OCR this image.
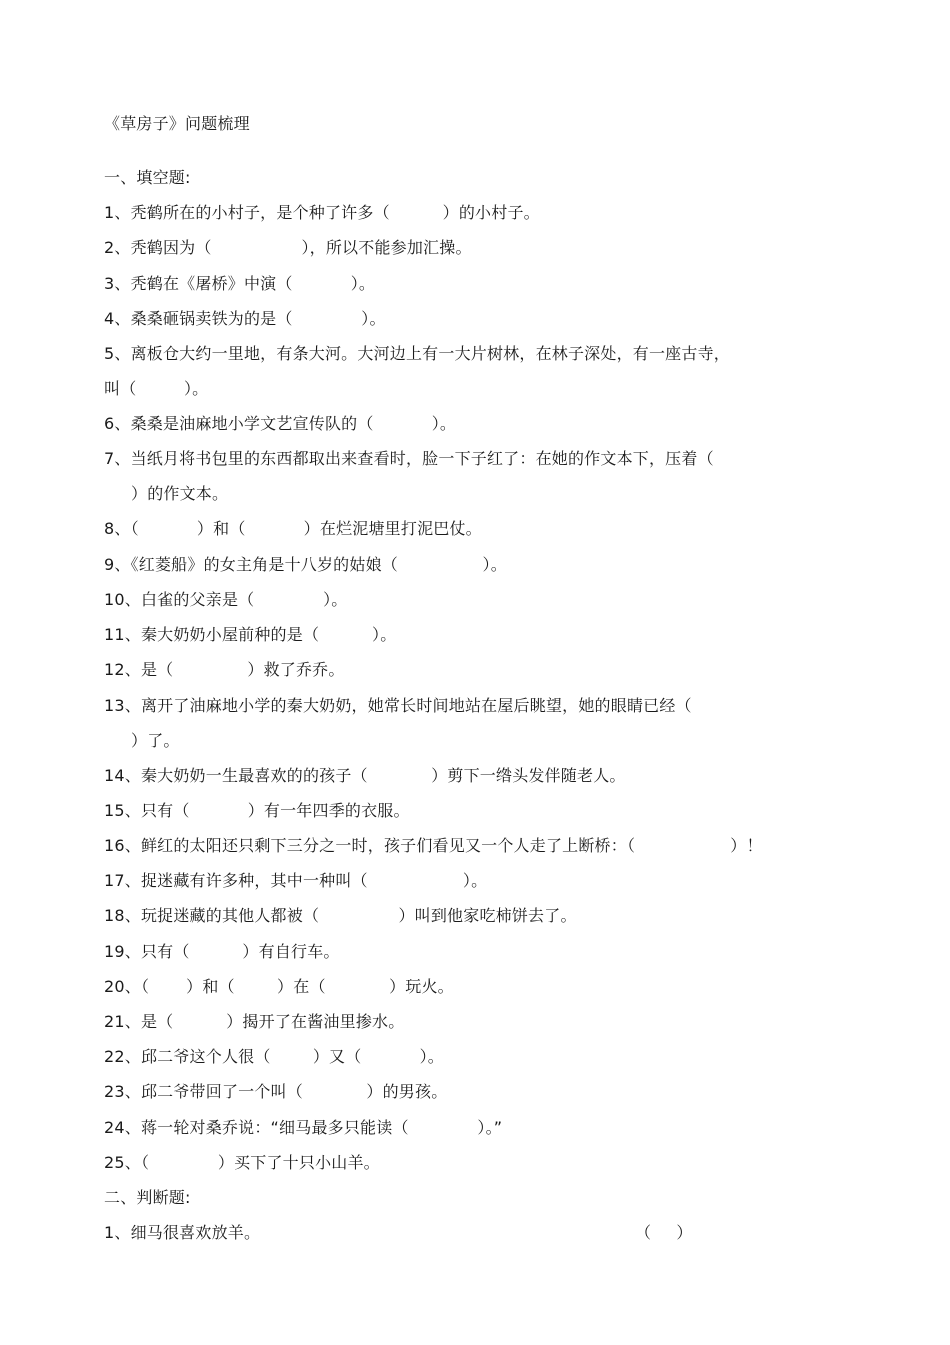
《草房子》问题梳理
一、填空题:
1、秃鹤所在的小村子，是个种了许多（          ）的小村子。
2、秃鹤因为（                 ），所以不能参加汇操。
3、秃鹤在《屠桥》中演（           ）。
4、桑桑砸锅卖铁为的是（             ）。
5、离板仓大约一里地，有条大河。大河边上有一大片树林，在林子深处，有一座古寺，
叫（         ）。
6、桑桑是油麻地小学文艺宣传队的（           ）。
7、当纸月将书包里的东西都取出来查看时，脸一下子红了：在她的作文本下，压着（
）的作文本。
8、（           ）和（           ）在烂泥塘里打泥巴仗。
9、《红菱船》的女主角是十八岁的姑娘（                ）。
10、白雀的父亲是（             ）。
11、秦大奶奶小屋前种的是（          ）。
12、是（              ）救了乔乔。
13、离开了油麻地小学的秦大奶奶，她常长时间地站在屋后眺望，她的眼睛已经（
）了。
14、秦大奶奶一生最喜欢的的孩子（            ）剪下一绺头发伴随老人。
15、只有（           ）有一年四季的衣服。
16、鲜红的太阳还只剩下三分之一时，孩子们看见又一个人走了上断桥：（                  ）！
17、捉迷藏有许多种，其中一种叫（                  ）。
18、玩捉迷藏的其他人都被（               ）叫到他家吃柿饼去了。
19、只有（          ）有自行车。
20、（       ）和（        ）在（            ）玩火。
21、是（          ）揭开了在酱油里掺水。
22、邱二爷这个人很（        ）又（           ）。
23、邱二爷带回了一个叫（            ）的男孩。
24、蒋一轮对桑乔说：“细马最多只能读（             ）。”
25、（             ）买下了十只小山羊。
二、判断题:
1、细马很喜欢放羊。	（     ）
